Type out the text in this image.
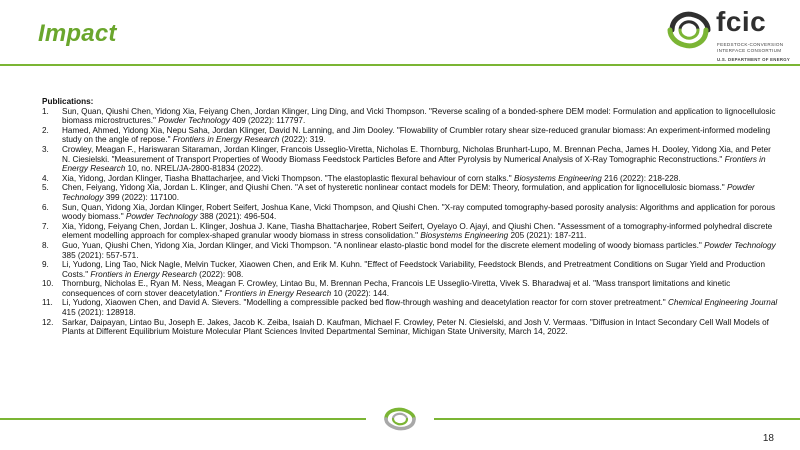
Impact	fcic
FEEDSTOCK-CONVERSION
INTERFACE CONSORTIUM
U.S. DEPARTMENT OF ENERGY
Publications:
1. Sun, Quan, Qiushi Chen, Yidong Xia, Feiyang Chen, Jordan Klinger, Ling Ding, and Vicki Thompson. "Reverse scaling of a bonded-sphere DEM model: Formulation and application to lignocellulosic biomass microstructures." Powder Technology 409 (2022): 117797.
2. Hamed, Ahmed, Yidong Xia, Nepu Saha, Jordan Klinger, David N. Lanning, and Jim Dooley. "Flowability of Crumbler rotary shear size-reduced granular biomass: An experiment-informed modeling study on the angle of repose." Frontiers in Energy Research (2022): 319.
3. Crowley, Meagan F., Hariswaran Sitaraman, Jordan Klinger, Francois Usseglio-Viretta, Nicholas E. Thornburg, Nicholas Brunhart-Lupo, M. Brennan Pecha, James H. Dooley, Yidong Xia, and Peter N. Ciesielski. "Measurement of Transport Properties of Woody Biomass Feedstock Particles Before and After Pyrolysis by Numerical Analysis of X-Ray Tomographic Reconstructions." Frontiers in Energy Research 10, no. NREL/JA-2800-81834 (2022).
4. Xia, Yidong, Jordan Klinger, Tiasha Bhattacharjee, and Vicki Thompson. "The elastoplastic flexural behaviour of corn stalks." Biosystems Engineering 216 (2022): 218-228.
5. Chen, Feiyang, Yidong Xia, Jordan L. Klinger, and Qiushi Chen. "A set of hysteretic nonlinear contact models for DEM: Theory, formulation, and application for lignocellulosic biomass." Powder Technology 399 (2022): 117100.
6. Sun, Quan, Yidong Xia, Jordan Klinger, Robert Seifert, Joshua Kane, Vicki Thompson, and Qiushi Chen. "X-ray computed tomography-based porosity analysis: Algorithms and application for porous woody biomass." Powder Technology 388 (2021): 496-504.
7. Xia, Yidong, Feiyang Chen, Jordan L. Klinger, Joshua J. Kane, Tiasha Bhattacharjee, Robert Seifert, Oyelayo O. Ajayi, and Qiushi Chen. "Assessment of a tomography-informed polyhedral discrete element modelling approach for complex-shaped granular woody biomass in stress consolidation." Biosystems Engineering 205 (2021): 187-211.
8. Guo, Yuan, Qiushi Chen, Yidong Xia, Jordan Klinger, and Vicki Thompson. "A nonlinear elasto-plastic bond model for the discrete element modeling of woody biomass particles." Powder Technology 385 (2021): 557-571.
9. Li, Yudong, Ling Tao, Nick Nagle, Melvin Tucker, Xiaowen Chen, and Erik M. Kuhn. "Effect of Feedstock Variability, Feedstock Blends, and Pretreatment Conditions on Sugar Yield and Production Costs." Frontiers in Energy Research (2022): 908.
10. Thornburg, Nicholas E., Ryan M. Ness, Meagan F. Crowley, Lintao Bu, M. Brennan Pecha, Francois LE Usseglio-Viretta, Vivek S. Bharadwaj et al. "Mass transport limitations and kinetic consequences of corn stover deacetylation." Frontiers in Energy Research 10 (2022): 144.
11. Li, Yudong, Xiaowen Chen, and David A. Sievers. "Modelling a compressible packed bed flow-through washing and deacetylation reactor for corn stover pretreatment." Chemical Engineering Journal 415 (2021): 128918.
12. Sarkar, Daipayan, Lintao Bu, Joseph E. Jakes, Jacob K. Zeiba, Isaiah D. Kaufman, Michael F. Crowley, Peter N. Ciesielski, and Josh V. Vermaas. "Diffusion in Intact Secondary Cell Wall Models of Plants at Different Equilibrium Moisture Molecular Plant Sciences Invited Departmental Seminar, Michigan State University, March 14, 2022.
18
